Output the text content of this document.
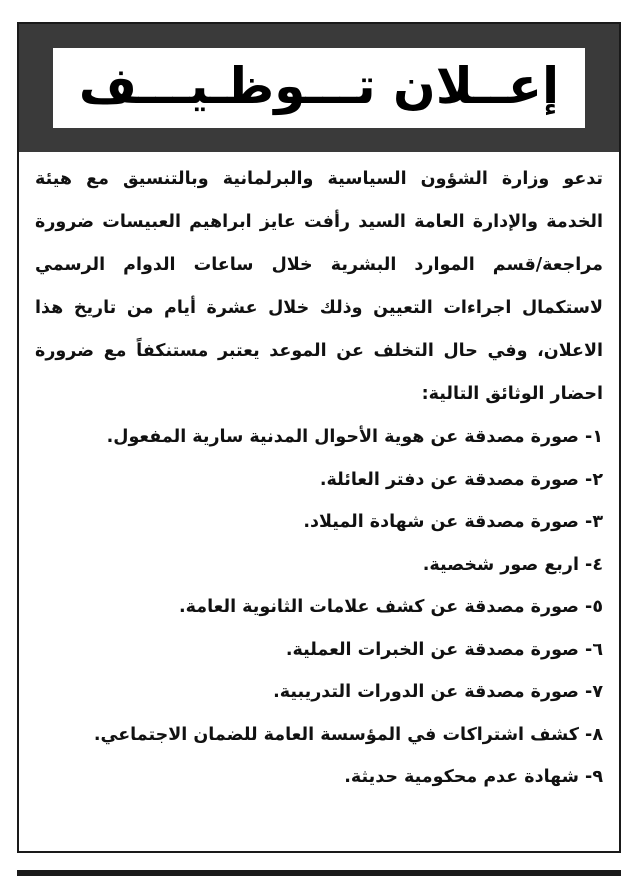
إعــلان تـــوظـيـــف

تدعو وزارة الشؤون السياسية والبرلمانية وبالتنسيق مع هيئة الخدمة والإدارة العامة السيد رأفت عايز ابراهيم العبيسات ضرورة مراجعة/قسم الموارد البشرية خلال ساعات الدوام الرسمي لاستكمال اجراءات التعيين وذلك خلال عشرة أيام من تاريخ هذا الاعلان، وفي حال التخلف عن الموعد يعتبر مستنكفاً مع ضرورة احضار الوثائق التالية:

١- صورة مصدقة عن هوية الأحوال المدنية سارية المفعول.
٢- صورة مصدقة عن دفتر العائلة.
٣- صورة مصدقة عن شهادة الميلاد.
٤- اربع صور شخصية.
٥- صورة مصدقة عن كشف علامات الثانوية العامة.
٦- صورة مصدقة عن الخبرات العملية.
٧- صورة مصدقة عن الدورات التدريبية.
٨- كشف اشتراكات في المؤسسة العامة للضمان الاجتماعي.
٩- شهادة عدم محكومية حديثة.
